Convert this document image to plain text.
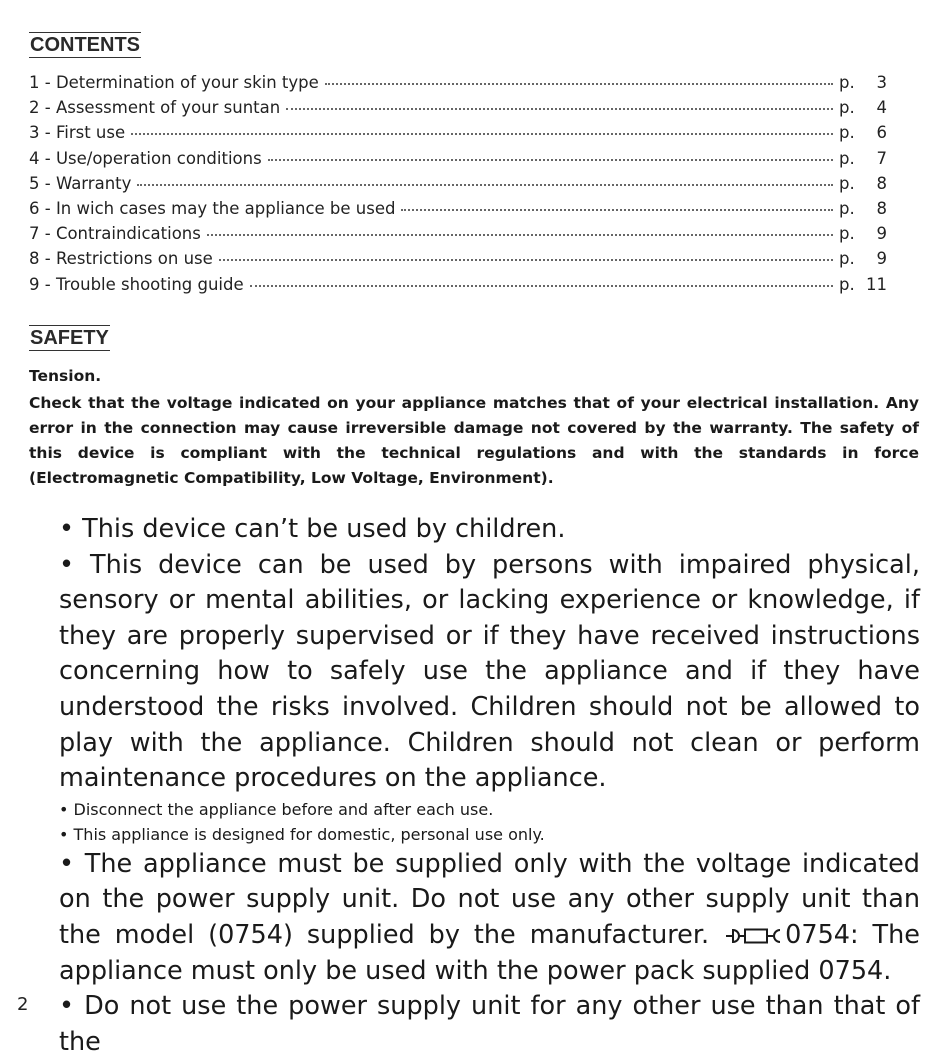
CONTENTS
1 - Determination of your skin type	p.	3
2 - Assessment of your suntan	p.	4
3 - First use	p.	6
4 - Use/operation conditions	p.	7
5 - Warranty	p.	8
6 - In wich cases may the appliance be used	p.	8
7 - Contraindications	p.	9
8 - Restrictions on use	p.	9
9 - Trouble shooting guide	p. 11
SAFETY
Tension.

Check that the voltage indicated on your appliance matches that of your electrical installation. Any error in the connection may cause irreversible damage not covered by the warranty. The safety of this device is compliant with the technical regulations and with the standards in force (Electromagnetic Compatibility, Low Voltage, Environment).

• This device can’t be used by children.

• This device can be used by persons with impaired physical, sensory or mental abilities, or lacking experience or knowledge, if they are properly supervised or if they have received instructions concerning how to safely use the appliance and if they have understood the risks involved. Children should not be allowed to play with the appliance. Children should not clean or perform maintenance procedures on the appliance.

• Disconnect the appliance before and after each use.

• This appliance is designed for domestic, personal use only.

• The appliance must be supplied only with the voltage indicated on the power supply unit. Do not use any other supply unit than the model (0754) supplied by the manufacturer.	0754: The appliance must only be used with the power pack supplied 0754.

• Do not use the power supply unit for any other use than that of the

2
